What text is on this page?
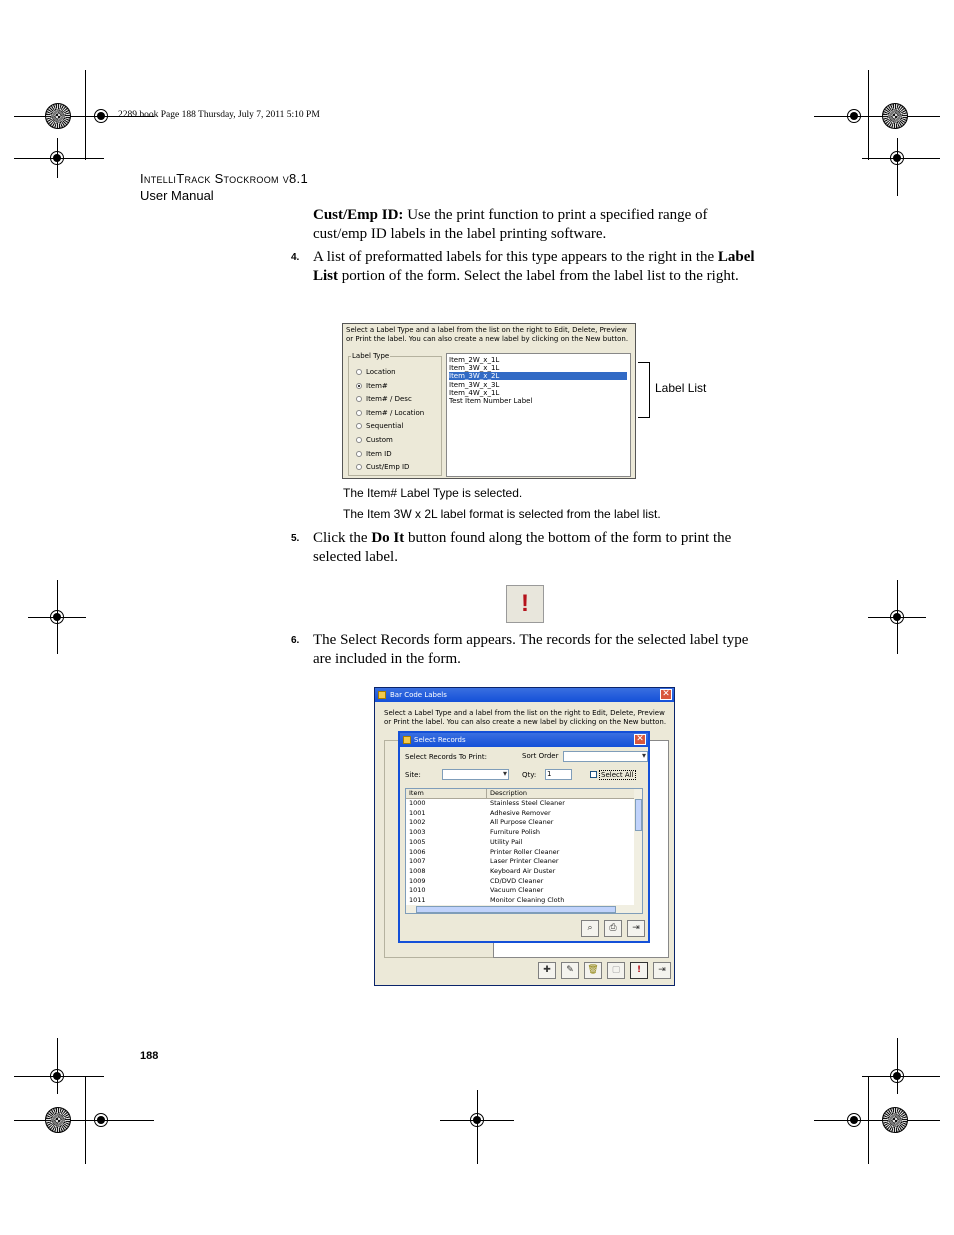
2289.book Page 188 Thursday, July 7, 2011 5:10 PM
IntelliTrack Stockroom v8.1
User Manual
Cust/Emp ID: Use the print function to print a specified range of cust/emp ID labels in the label printing software.
4. A list of preformatted labels for this type appears to the right in the Label List portion of the form. Select the label from the label list to the right.
Select a Label Type and a label from the list on the right to Edit, Delete, Preview or Print the label. You can also create a new label by clicking on the New button.
Label Type
Location
Item#
Item# / Desc
Item# / Location
Sequential
Custom
Item ID
Cust/Emp ID
Item_2W_x_1L
Item_3W_x_1L
Item_3W_x_2L
Item_3W_x_3L
Item_4W_x_1L
Test Item Number Label
Label List
The Item# Label Type is selected.
The Item 3W x 2L label format is selected from the label list.
5. Click the Do It button found along the bottom of the form to print the selected label.
!
6. The Select Records form appears. The records for the selected label type are included in the form.
Bar Code Labels	✕
Select a Label Type and a label from the list on the right to Edit, Delete, Preview or Print the label. You can also create a new label by clicking on the New button.
✚	✎	🗑	▢	!	⇥
Select Records	✕
Select Records To Print:	Sort Order
▾
Site:
▾	Qty: 1	Select All
Item	Description
1000	Stainless Steel Cleaner
1001	Adhesive Remover
1002	All Purpose Cleaner
1003	Furniture Polish
1005	Utility Pail
1006	Printer Roller Cleaner
1007	Laser Printer Cleaner
1008	Keyboard Air Duster
1009	CD/DVD Cleaner
1010	Vacuum Cleaner
1011	Monitor Cleaning Cloth
⌕	⎙	⇥
188
